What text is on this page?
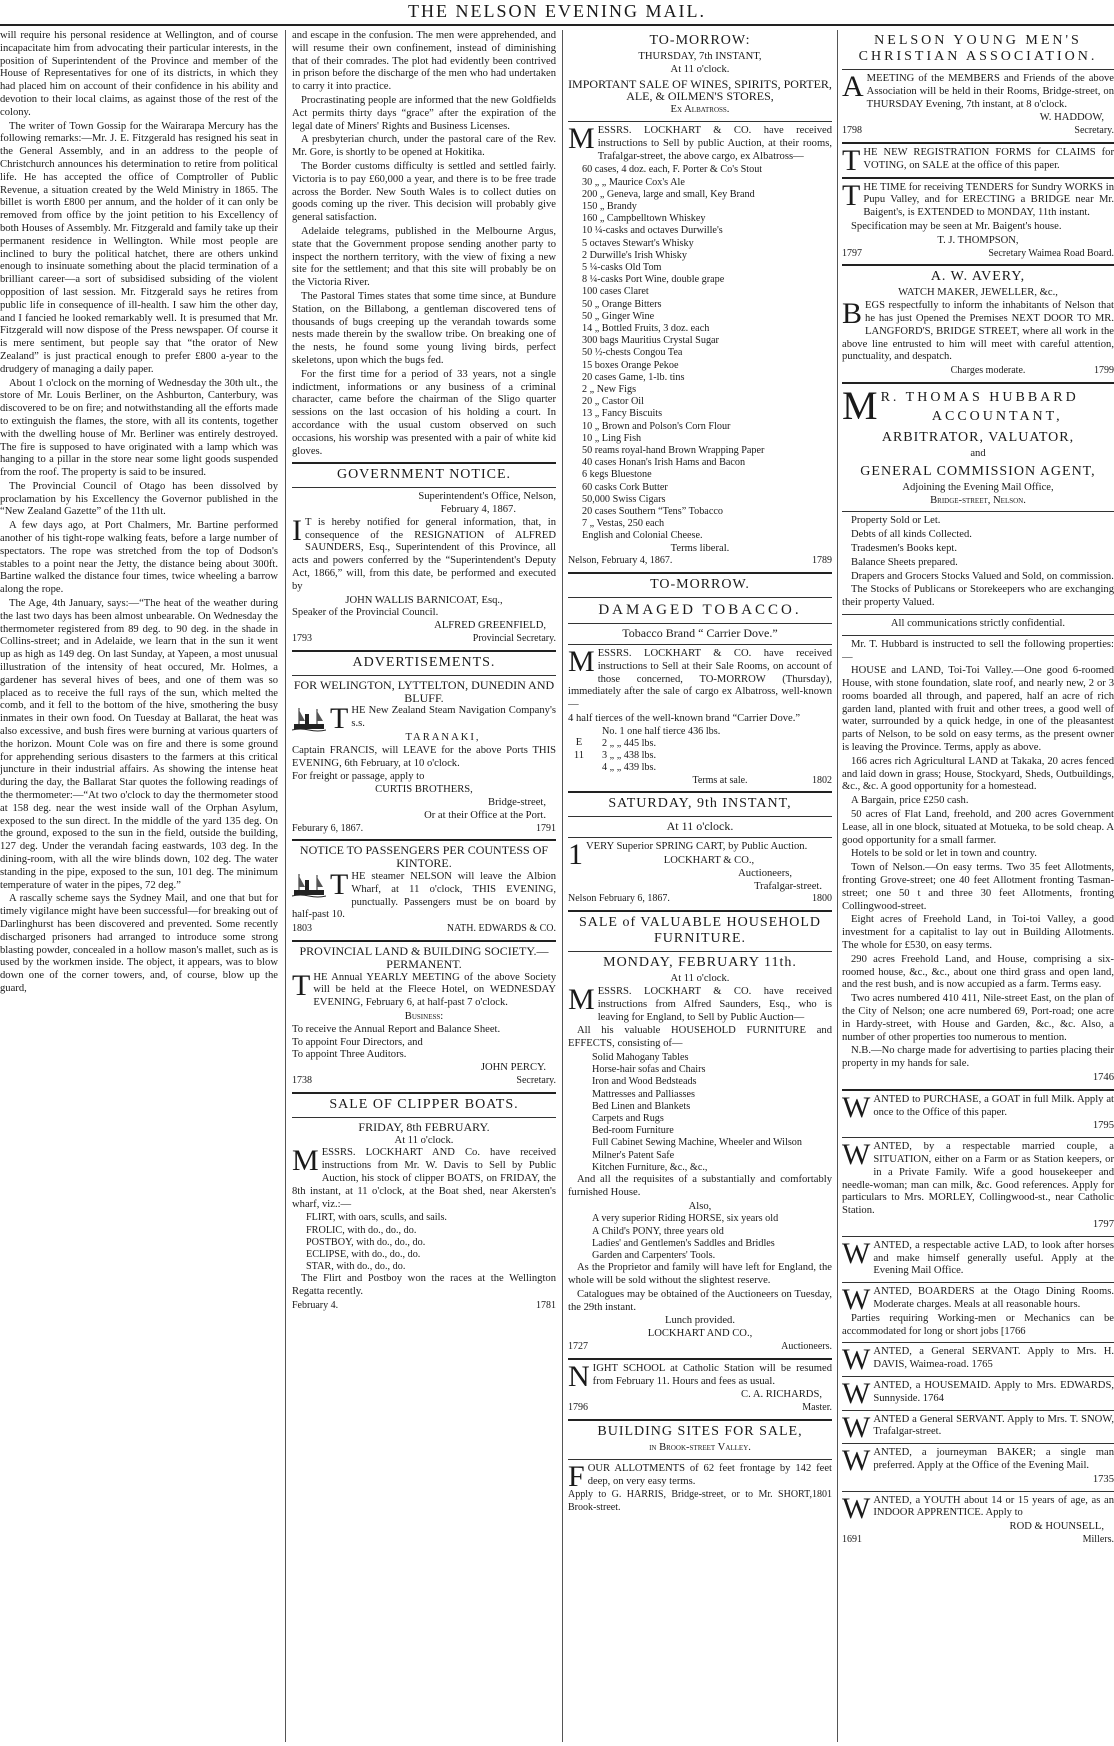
THE NELSON EVENING MAIL.

will require his personal residence at Wellington, and of course incapacitate him from advocating their particular interests, in the position of Superintendent of the Province and member of the House of Representatives for one of its districts, in which they had placed him on account of their confidence in his ability and devotion to their local claims, as against those of the rest of the colony.

The writer of Town Gossip for the Wairarapa Mercury has the following remarks:—Mr. J. E. Fitzgerald has resigned his seat in the General Assembly, and in an address to the people of Christchurch announces his determination to retire from political life. He has accepted the office of Comptroller of Public Revenue, a situation created by the Weld Ministry in 1865. The billet is worth £800 per annum, and the holder of it can only be removed from office by the joint petition to his Excellency of both Houses of Assembly. Mr. Fitzgerald and family take up their permanent residence in Wellington. While most people are inclined to bury the political hatchet, there are others unkind enough to insinuate something about the placid termination of a brilliant career—a sort of subsidised subsiding of the violent opposition of last session. Mr. Fitzgerald says he retires from public life in consequence of ill-health. I saw him the other day, and I fancied he looked remarkably well. It is presumed that Mr. Fitzgerald will now dispose of the Press newspaper. Of course it is mere sentiment, but people say that “the orator of New Zealand” is just practical enough to prefer £800 a-year to the drudgery of managing a daily paper.

About 1 o'clock on the morning of Wednesday the 30th ult., the store of Mr. Louis Berliner, on the Ashburton, Canterbury, was discovered to be on fire; and notwithstanding all the efforts made to extinguish the flames, the store, with all its contents, together with the dwelling house of Mr. Berliner was entirely destroyed. The fire is supposed to have originated with a lamp which was hanging to a pillar in the store near some light goods suspended from the roof. The property is said to be insured.

The Provincial Council of Otago has been dissolved by proclamation by his Excellency the Governor published in the “New Zealand Gazette” of the 11th ult.

A few days ago, at Port Chalmers, Mr. Bartine performed another of his tight-rope walking feats, before a large number of spectators. The rope was stretched from the top of Dodson's stables to a point near the Jetty, the distance being about 300ft. Bartine walked the distance four times, twice wheeling a barrow along the rope.

The Age, 4th January, says:—“The heat of the weather during the last two days has been almost unbearable. On Wednesday the thermometer registered from 89 deg. to 90 deg. in the shade in Collins-street; and in Adelaide, we learn that in the sun it went up as high as 149 deg. On last Sunday, at Yapeen, a most unusual illustration of the intensity of heat occured, Mr. Holmes, a gardener has several hives of bees, and one of them was so placed as to receive the full rays of the sun, which melted the comb, and it fell to the bottom of the hive, smothering the busy inmates in their own food. On Tuesday at Ballarat, the heat was also excessive, and bush fires were burning at various quarters of the horizon. Mount Cole was on fire and there is some ground for apprehending serious disasters to the farmers at this critical juncture in their industrial affairs. As showing the intense heat during the day, the Ballarat Star quotes the following readings of the thermometer:—“At two o'clock to day the thermometer stood at 158 deg. near the west inside wall of the Orphan Asylum, exposed to the sun direct. In the middle of the yard 135 deg. On the ground, exposed to the sun in the field, outside the building, 127 deg. Under the verandah facing eastwards, 103 deg. In the dining-room, with all the wire blinds down, 102 deg. The water standing in the pipe, exposed to the sun, 101 deg. The minimum temperature of water in the pipes, 72 deg.”

A rascally scheme says the Sydney Mail, and one that but for timely vigilance might have been successful—for breaking out of Darlinghurst has been discovered and prevented. Some recently discharged prisoners had arranged to introduce some strong blasting powder, concealed in a hollow mason's mallet, such as is used by the workmen inside. The object, it appears, was to blow down one of the corner towers, and, of course, blow up the guard,

and escape in the confusion. The men were apprehended, and will resume their own confinement, instead of diminishing that of their comrades. The plot had evidently been contrived in prison before the discharge of the men who had undertaken to carry it into practice.

Procrastinating people are informed that the new Goldfields Act permits thirty days “grace” after the expiration of the legal date of Miners' Rights and Business Licenses.

A presbyterian church, under the pastoral care of the Rev. Mr. Gore, is shortly to be opened at Hokitika.

The Border customs difficulty is settled and settled fairly. Victoria is to pay £60,000 a year, and there is to be free trade across the Border. New South Wales is to collect duties on goods coming up the river. This decision will probably give general satisfaction.

Adelaide telegrams, published in the Melbourne Argus, state that the Government propose sending another party to inspect the northern territory, with the view of fixing a new site for the settlement; and that this site will probably be on the Victoria River.

The Pastoral Times states that some time since, at Bundure Station, on the Billabong, a gentleman discovered tens of thousands of bugs creeping up the verandah towards some nests made therein by the swallow tribe. On breaking one of the nests, he found some young living birds, perfect skeletons, upon which the bugs fed.

For the first time for a period of 33 years, not a single indictment, informations or any business of a criminal character, came before the chairman of the Sligo quarter sessions on the last occasion of his holding a court. In accordance with the usual custom observed on such occasions, his worship was presented with a pair of white kid gloves.

GOVERNMENT NOTICE.
Superintendent's Office, Nelson,
February 4, 1867.

I T is hereby notified for general information, that, in consequence of the RESIGNATION of ALFRED SAUNDERS, Esq., Superintendent of this Province, all acts and powers conferred by the “Superintendent's Deputy Act, 1866,” will, from this date, be performed and executed by

JOHN WALLIS BARNICOAT, Esq.,
Speaker of the Provincial Council.
ALFRED GREENFIELD,
1793	Provincial Secretary.
ADVERTISEMENTS.
FOR WELINGTON, LYTTELTON, DUNEDIN AND BLUFF.

THE New Zealand Steam Navigation Company's s.s.

TARANAKI,

Captain FRANCIS, will LEAVE for the above Ports THIS EVENING, 6th February, at 10 o'clock.

For freight or passage, apply to
CURTIS BROTHERS,
Bridge-street,
Or at their Office at the Port.
Feburary 6, 1867.	1791
NOTICE TO PASSENGERS PER COUNTESS OF KINTORE.

THE steamer NELSON will leave the Albion Wharf, at 11 o'clock, THIS EVENING, punctually. Passengers must be on board by half-past 10.

1803	NATH. EDWARDS & CO.
PROVINCIAL LAND & BUILDING SOCIETY.—PERMANENT.

THE Annual YEARLY MEETING of the above Society will be held at the Fleece Hotel, on WEDNESDAY EVENING, February 6, at half-past 7 o'clock.

Business:
To receive the Annual Report and Balance Sheet.
To appoint Four Directors, and
To appoint Three Auditors.
JOHN PERCY.
1738	Secretary.
SALE OF CLIPPER BOATS.
FRIDAY, 8th FEBRUARY.
At 11 o'clock.

MESSRS. LOCKHART AND Co. have received instructions from Mr. W. Davis to Sell by Public Auction, his stock of clipper BOATS, on FRIDAY, the 8th instant, at 11 o'clock, at the Boat shed, near Akersten's wharf, viz.:—

FLIRT, with oars, sculls, and sails.
FROLIC, with do., do., do.
POSTBOY, with do., do., do.
ECLIPSE, with do., do., do.
STAR, with do., do., do.

The Flirt and Postboy won the races at the Wellington Regatta recently.

February 4.	1781
TO-MORROW:
THURSDAY, 7th INSTANT,
At 11 o'clock.
IMPORTANT SALE OF WINES, SPIRITS, PORTER, ALE, & OILMEN'S STORES,
Ex Albatross.

MESSRS. LOCKHART & CO. have received instructions to Sell by public Auction, at their rooms, Trafalgar-street, the above cargo, ex Albatross—

60 cases, 4 doz. each, F. Porter & Co's Stout
30 „ „ Maurice Cox's Ale
200 „ Geneva, large and small, Key Brand
150 „ Brandy
160 „ Campbelltown Whiskey
10 ¼-casks and octaves Durwille's
5 octaves Stewart's Whisky
2 Durwille's Irish Whisky
5 ¼-casks Old Tom
8 ¼-casks Port Wine, double grape
100 cases Claret
50 „ Orange Bitters
50 „ Ginger Wine
14 „ Bottled Fruits, 3 doz. each
300 bags Mauritius Crystal Sugar
50 ½-chests Congou Tea
15 boxes Orange Pekoe
20 cases Game, 1-lb. tins
2 „ New Figs
20 „ Castor Oil
13 „ Fancy Biscuits
10 „ Brown and Polson's Corn Flour
10 „ Ling Fish
50 reams royal-hand Brown Wrapping Paper
40 cases Honan's Irish Hams and Bacon
6 kegs Bluestone
60 casks Cork Butter
50,000 Swiss Cigars
20 cases Southern “Tens” Tobacco
7 „ Vestas, 250 each
English and Colonial Cheese.
Terms liberal.
Nelson, February 4, 1867.	1789
TO-MORROW.
DAMAGED TOBACCO.
Tobacco Brand “ Carrier Dove.”

MESSRS. LOCKHART & CO. have received instructions to Sell at their Sale Rooms, on account of those concerned, TO-MORROW (Thursday), immediately after the sale of cargo ex Albatross, well-known—

4 half tierces of the well-known brand “Carrier Dove.”
E
11
No. 1 one half tierce 436 lbs.
2 „ „ 445 lbs.
3 „ „ 438 lbs.
4 „ „ 439 lbs.
Terms at sale.	1802
SATURDAY, 9th INSTANT,
At 11 o'clock.

1 VERY Superior SPRING CART, by Public Auction.

LOCKHART & CO.,
Auctioneers,
Trafalgar-street.
Nelson February 6, 1867.	1800
SALE of VALUABLE HOUSEHOLD FURNITURE.
MONDAY, FEBRUARY 11th.
At 11 o'clock.

MESSRS. LOCKHART & CO. have received instructions from Alfred Saunders, Esq., who is leaving for England, to Sell by Public Auction—

All his valuable HOUSEHOLD FURNITURE and EFFECTS, consisting of—

Solid Mahogany Tables
Horse-hair sofas and Chairs
Iron and Wood Bedsteads
Mattresses and Palliasses
Bed Linen and Blankets
Carpets and Rugs
Bed-room Furniture
Full Cabinet Sewing Machine, Wheeler and Wilson
Milner's Patent Safe
Kitchen Furniture, &c., &c.,

And all the requisites of a substantially and comfortably furnished House.

Also,
A very superior Riding HORSE, six years old
A Child's PONY, three years old
Ladies' and Gentlemen's Saddles and Bridles
Garden and Carpenters' Tools.

As the Proprietor and family will have left for England, the whole will be sold without the slightest reserve.

Catalogues may be obtained of the Auctioneers on Tuesday, the 29th instant.

Lunch provided.
LOCKHART AND CO.,
1727	Auctioneers.

NIGHT SCHOOL at Catholic Station will be resumed from February 11. Hours and fees as usual.

C. A. RICHARDS,
1796	Master.
BUILDING SITES FOR SALE,
in Brook-street Valley.

FOUR ALLOTMENTS of 62 feet frontage by 142 feet deep, on very easy terms.

Apply to G. HARRIS, Bridge-street, or to Mr. SHORT, Brook-street.
1801
NELSON YOUNG MEN'S CHRISTIAN ASSOCIATION.

AMEETING of the MEMBERS and Friends of the above Association will be held in their Rooms, Bridge-street, on THURSDAY Evening, 7th instant, at 8 o'clock.

W. HADDOW,
1798	Secretary.

THE NEW REGISTRATION FORMS for CLAIMS for VOTING, on SALE at the office of this paper.

THE TIME for receiving TENDERS for Sundry WORKS in Pupu Valley, and for ERECTING a BRIDGE near Mr. Baigent's, is EXTENDED to MONDAY, 11th instant.

Specification may be seen at Mr. Baigent's house.

T. J. THOMPSON,
1797	Secretary Waimea Road Board.
A. W. AVERY,
WATCH MAKER, JEWELLER, &c.,

BEGS respectfully to inform the inhabitants of Nelson that he has just Opened the Premises NEXT DOOR TO MR. LANGFORD'S, BRIDGE STREET, where all work in the above line entrusted to him will meet with careful attention, punctuality, and despatch.

Charges moderate.	1799
M R. THOMAS HUBBARD
ACCOUNTANT,
ARBITRATOR, VALUATOR,
and
GENERAL COMMISSION AGENT,
Adjoining the Evening Mail Office,
Bridge-street, Nelson.

Property Sold or Let.

Debts of all kinds Collected.

Tradesmen's Books kept.

Balance Sheets prepared.

Drapers and Grocers Stocks Valued and Sold, on commission.

The Stocks of Publicans or Storekeepers who are exchanging their property Valued.

All communications strictly confidential.

Mr. T. Hubbard is instructed to sell the following properties:—

HOUSE and LAND, Toi-Toi Valley.—One good 6-roomed House, with stone foundation, slate roof, and nearly new, 2 or 3 rooms boarded all through, and papered, half an acre of rich garden land, planted with fruit and other trees, a good well of water, surrounded by a quick hedge, in one of the pleasantest parts of Nelson, to be sold on easy terms, as the present owner is leaving the Province. Terms, apply as above.

166 acres rich Agricultural LAND at Takaka, 20 acres fenced and laid down in grass; House, Stockyard, Sheds, Outbuildings, &c., &c. A good opportunity for a homestead.

A Bargain, price £250 cash.

50 acres of Flat Land, freehold, and 200 acres Government Lease, all in one block, situated at Motueka, to be sold cheap. A good opportunity for a small farmer.

Hotels to be sold or let in town and country.

Town of Nelson.—On easy terms. Two 35 feet Allotments, fronting Grove-street; one 40 feet Allotment fronting Tasman-street; one 50 t and three 30 feet Allotments, fronting Collingwood-street.

Eight acres of Freehold Land, in Toi-toi Valley, a good investment for a capitalist to lay out in Building Allotments. The whole for £530, on easy terms.

290 acres Freehold Land, and House, comprising a six-roomed house, &c., &c., about one third grass and open land, and the rest bush, and is now accupied as a farm. Terms easy.

Two acres numbered 410 411, Nile-street East, on the plan of the City of Nelson; one acre numbered 69, Port-road; one acre in Hardy-street, with House and Garden, &c., &c. Also, a number of other properties too numerous to mention.

N.B.—No charge made for advertising to parties placing their property in my hands for sale.

1746

WANTED to PURCHASE, a GOAT in full Milk. Apply at once to the Office of this paper.

1795

WANTED, by a respectable married couple, a SITUATION, either on a Farm or as Station keepers, or in a Private Family. Wife a good housekeeper and needle-woman; man can milk, &c. Good references. Apply for particulars to Mrs. MORLEY, Collingwood-st., near Catholic Station.

1797

WANTED, a respectable active LAD, to look after horses and make himself generally useful. Apply at the Evening Mail Office.

WANTED, BOARDERS at the Otago Dining Rooms. Moderate charges. Meals at all reasonable hours.

Parties requiring Working-men or Mechanics can be accommodated for long or short jobs [1766

WANTED, a General SERVANT. Apply to Mrs. H. DAVIS, Waimea-road. 1765

WANTED, a HOUSEMAID. Apply to Mrs. EDWARDS, Sunnyside. 1764

WANTED a General SERVANT. Apply to Mrs. T. SNOW, Trafalgar-street.

WANTED, a journeyman BAKER; a single man preferred. Apply at the Office of the Evening Mail.

1735

WANTED, a YOUTH about 14 or 15 years of age, as an INDOOR APPRENTICE. Apply to

ROD & HOUNSELL,
1691	Millers.
